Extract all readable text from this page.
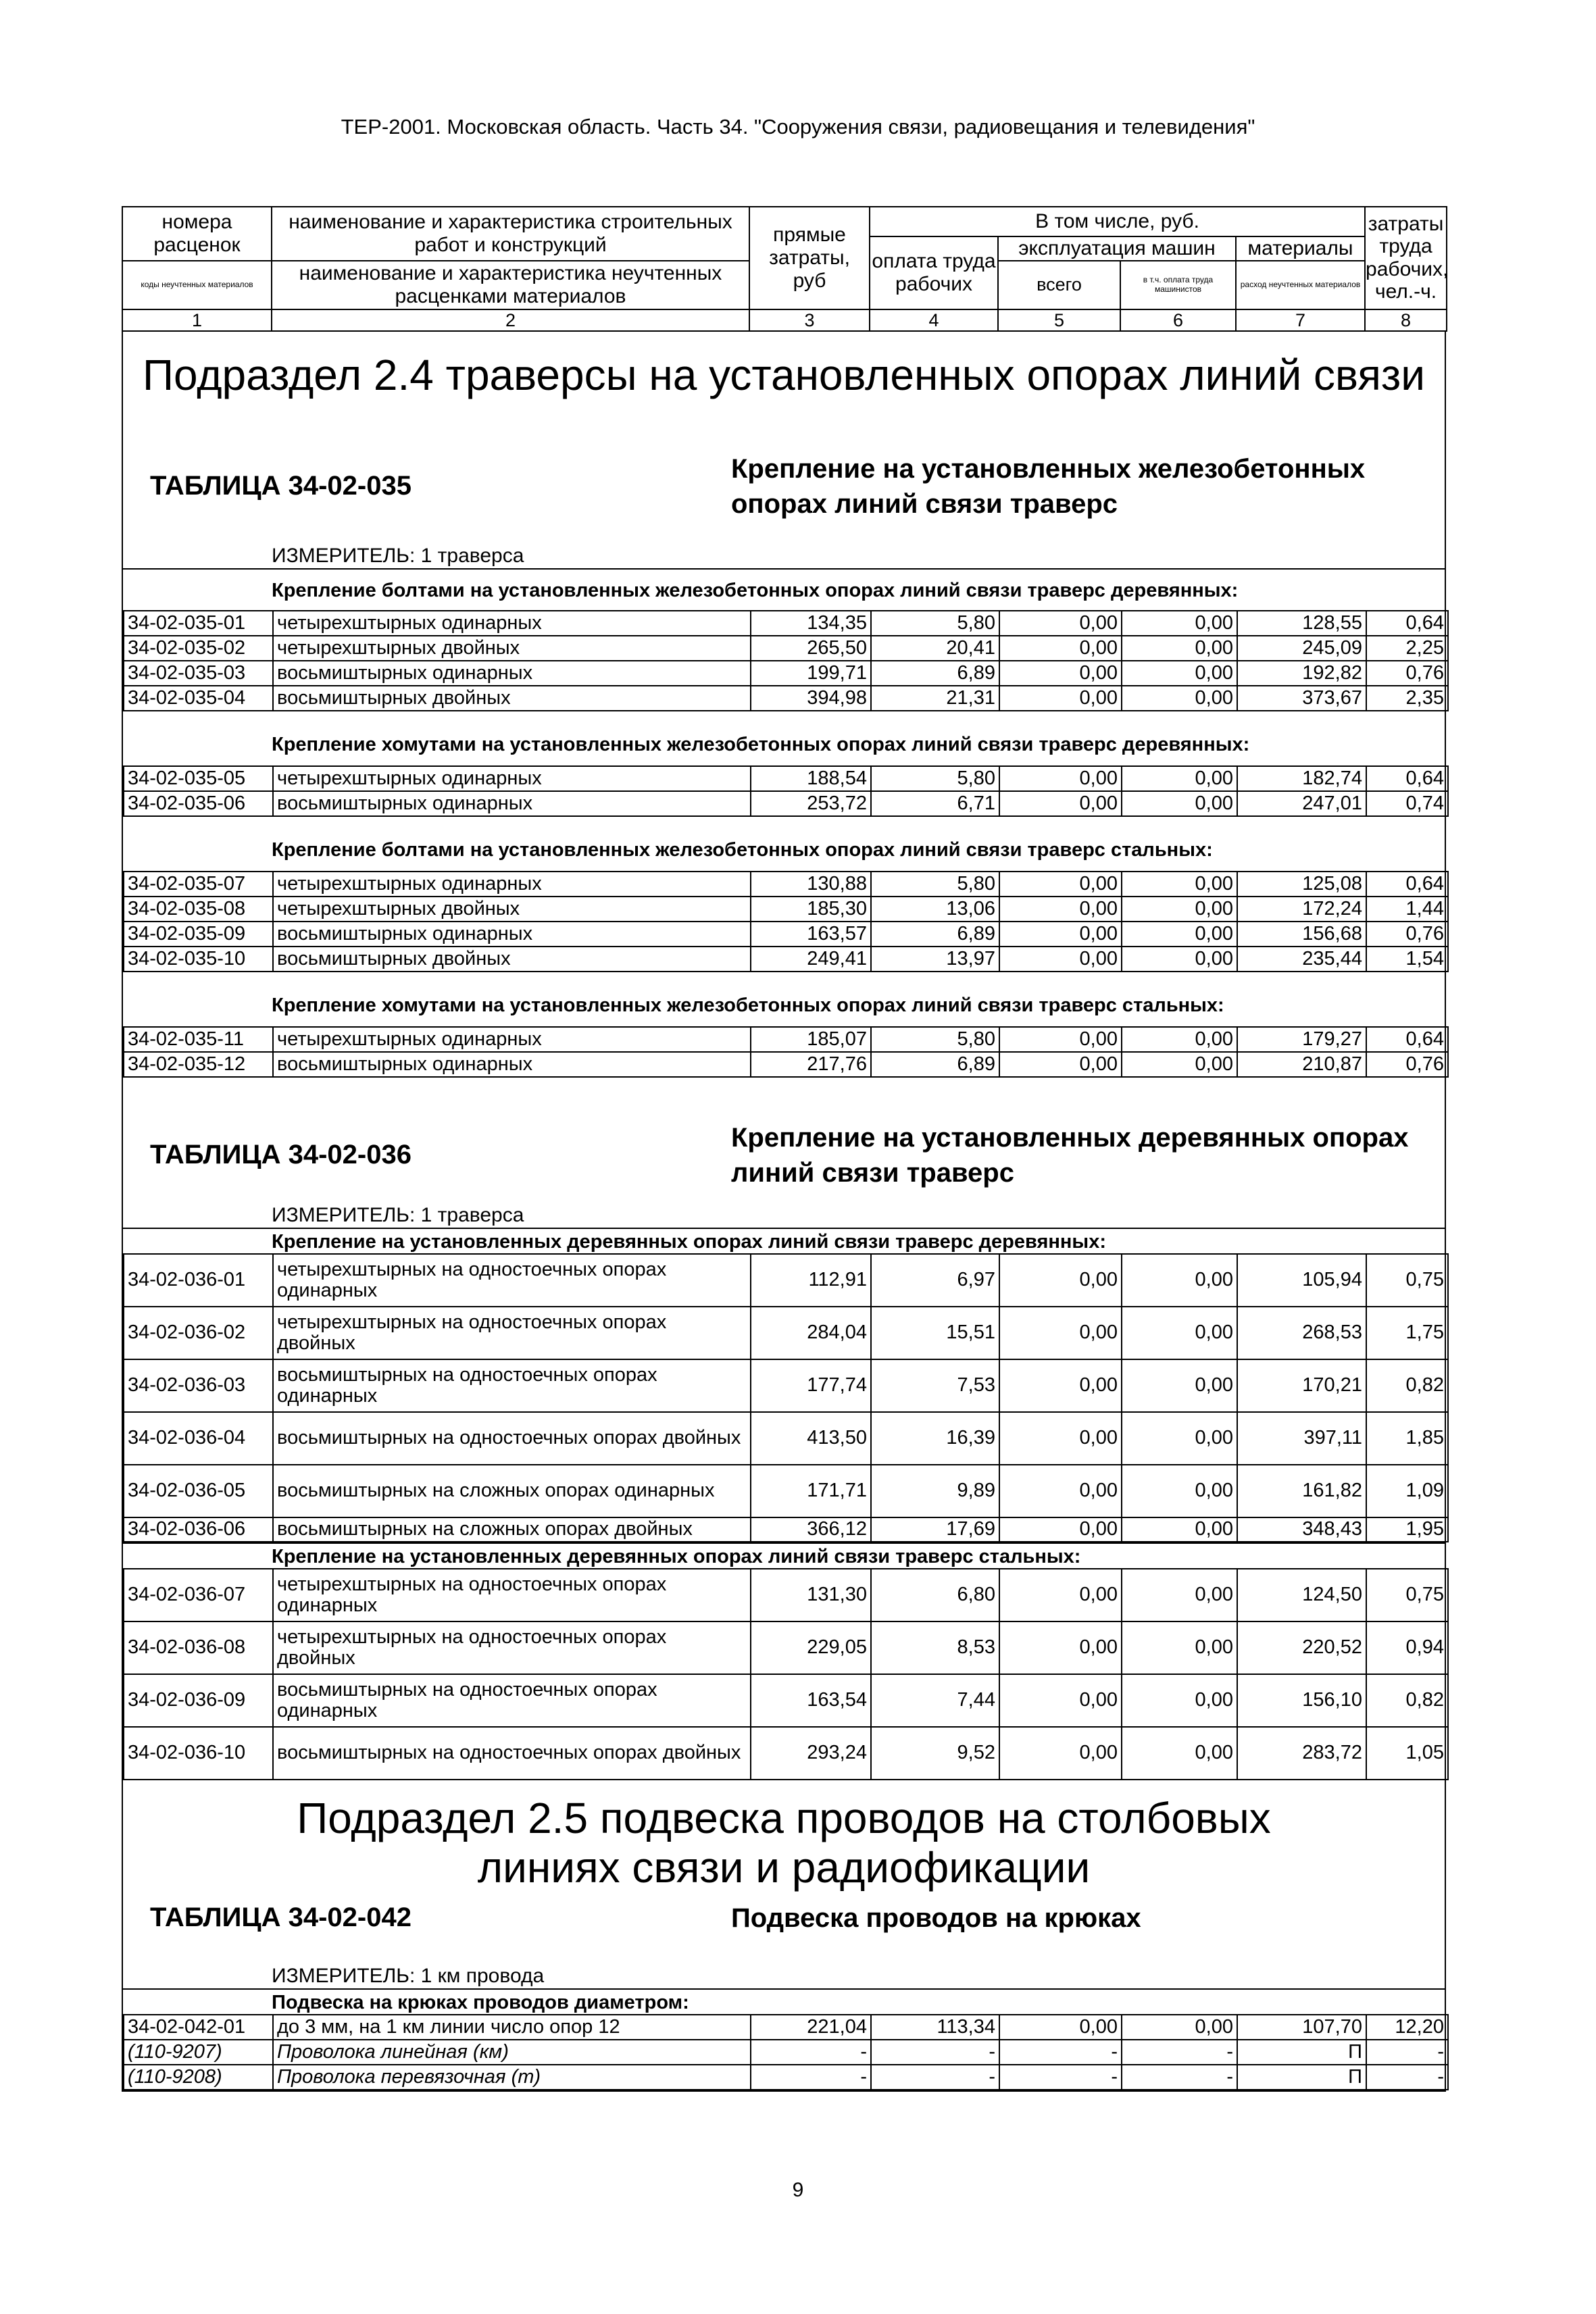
ТЕР-2001. Московская область. Часть 34. "Сооружения связи, радиовещания и телевидения"
номера расценок	наименование и характеристика строительных работ и конструкций	прямые затраты, руб	В том числе, руб.				затраты труда рабочих, чел.-ч.
			оплата труда рабочих	эксплуатация машин		материалы	
коды неучтенных материалов	наименование и характеристика неучтенных расценками материалов			всего	в т.ч. оплата труда машинистов	расход неучтенных материалов	

1	2	3	4	5	6	7	8
Подраздел 2.4 траверсы на установленных опорах линий связи
ТАБЛИЦА 34-02-035
Крепление на установленных железобетонных опорах линий связи траверс
ИЗМЕРИТЕЛЬ: 1 траверса
Крепление болтами на установленных железобетонных опорах линий связи траверс деревянных:
34-02-035-01	четырехштырных одинарных	134,35	5,80	0,00	0,00	128,55	0,64
34-02-035-02	четырехштырных двойных	265,50	20,41	0,00	0,00	245,09	2,25
34-02-035-03	восьмиштырных одинарных	199,71	6,89	0,00	0,00	192,82	0,76
34-02-035-04	восьмиштырных двойных	394,98	21,31	0,00	0,00	373,67	2,35
Крепление хомутами на установленных железобетонных опорах линий связи траверс деревянных:
34-02-035-05	четырехштырных одинарных	188,54	5,80	0,00	0,00	182,74	0,64
34-02-035-06	восьмиштырных одинарных	253,72	6,71	0,00	0,00	247,01	0,74
Крепление болтами на установленных железобетонных опорах линий связи траверс стальных:
34-02-035-07	четырехштырных одинарных	130,88	5,80	0,00	0,00	125,08	0,64
34-02-035-08	четырехштырных двойных	185,30	13,06	0,00	0,00	172,24	1,44
34-02-035-09	восьмиштырных одинарных	163,57	6,89	0,00	0,00	156,68	0,76
34-02-035-10	восьмиштырных двойных	249,41	13,97	0,00	0,00	235,44	1,54
Крепление хомутами на установленных железобетонных опорах линий связи траверс стальных:
34-02-035-11	четырехштырных одинарных	185,07	5,80	0,00	0,00	179,27	0,64
34-02-035-12	восьмиштырных одинарных	217,76	6,89	0,00	0,00	210,87	0,76
ТАБЛИЦА 34-02-036
Крепление на установленных деревянных опорах линий связи траверс
ИЗМЕРИТЕЛЬ: 1 траверса
Крепление на установленных деревянных опорах линий связи траверс деревянных:
34-02-036-01	четырехштырных на одностоечных опорах одинарных	112,91	6,97	0,00	0,00	105,94	0,75
34-02-036-02	четырехштырных на одностоечных опорах двойных	284,04	15,51	0,00	0,00	268,53	1,75
34-02-036-03	восьмиштырных на одностоечных опорах одинарных	177,74	7,53	0,00	0,00	170,21	0,82
34-02-036-04	восьмиштырных на одностоечных опорах двойных	413,50	16,39	0,00	0,00	397,11	1,85
34-02-036-05	восьмиштырных на сложных опорах одинарных	171,71	9,89	0,00	0,00	161,82	1,09
34-02-036-06	восьмиштырных на сложных опорах двойных	366,12	17,69	0,00	0,00	348,43	1,95
Крепление на установленных деревянных опорах линий связи траверс стальных:
34-02-036-07	четырехштырных на одностоечных опорах одинарных	131,30	6,80	0,00	0,00	124,50	0,75
34-02-036-08	четырехштырных на одностоечных опорах двойных	229,05	8,53	0,00	0,00	220,52	0,94
34-02-036-09	восьмиштырных на одностоечных опорах одинарных	163,54	7,44	0,00	0,00	156,10	0,82
34-02-036-10	восьмиштырных на одностоечных опорах двойных	293,24	9,52	0,00	0,00	283,72	1,05
Подраздел 2.5 подвеска проводов на столбовых линиях связи и радиофикации
ТАБЛИЦА 34-02-042	Подвеска проводов на крюках
ИЗМЕРИТЕЛЬ: 1 км провода
Подвеска на крюках проводов диаметром:
34-02-042-01	до 3 мм, на 1 км линии число опор 12	221,04	113,34	0,00	0,00	107,70	12,20
(110-9207)	Проволока линейная (км)	-	-	-	-	П	-
(110-9208)	Проволока перевязочная (т)	-	-	-	-	П	-
9
